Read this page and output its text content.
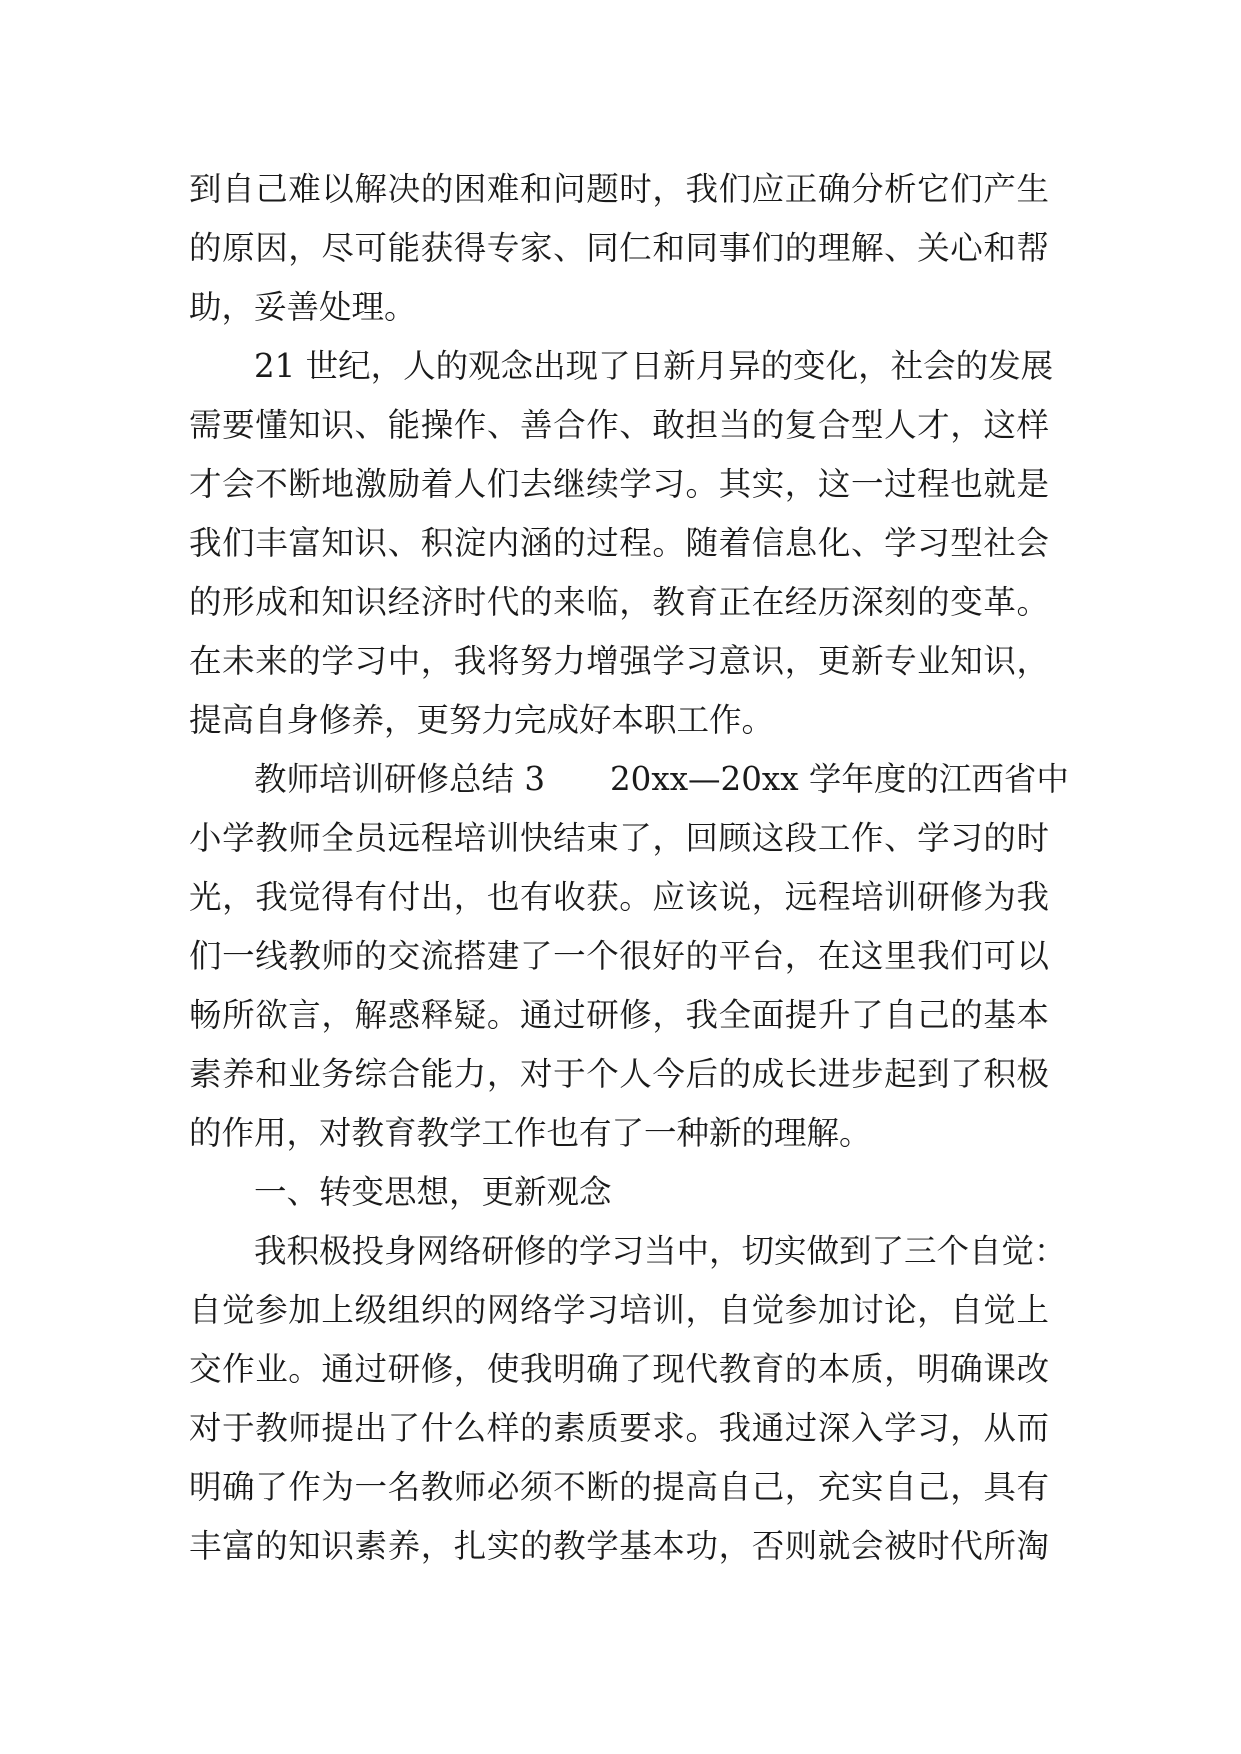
到自己难以解决的困难和问题时，我们应正确分析它们产生
的原因，尽可能获得专家、同仁和同事们的理解、关心和帮
助，妥善处理。
21 世纪，人的观念出现了日新月异的变化，社会的发展
需要懂知识、能操作、善合作、敢担当的复合型人才，这样
才会不断地激励着人们去继续学习。其实，这一过程也就是
我们丰富知识、积淀内涵的过程。随着信息化、学习型社会
的形成和知识经济时代的来临，教育正在经历深刻的变革。
在未来的学习中，我将努力增强学习意识，更新专业知识，
提高自身修养，更努力完成好本职工作。
教师培训研修总结 3　　20xx—20xx 学年度的江西省中
小学教师全员远程培训快结束了，回顾这段工作、学习的时
光，我觉得有付出，也有收获。应该说，远程培训研修为我
们一线教师的交流搭建了一个很好的平台，在这里我们可以
畅所欲言，解惑释疑。通过研修，我全面提升了自己的基本
素养和业务综合能力，对于个人今后的成长进步起到了积极
的作用，对教育教学工作也有了一种新的理解。
一、转变思想，更新观念
我积极投身网络研修的学习当中，切实做到了三个自觉：
自觉参加上级组织的网络学习培训，自觉参加讨论，自觉上
交作业。通过研修，使我明确了现代教育的本质，明确课改
对于教师提出了什么样的素质要求。我通过深入学习，从而
明确了作为一名教师必须不断的提高自己，充实自己，具有
丰富的知识素养，扎实的教学基本功，否则就会被时代所淘
